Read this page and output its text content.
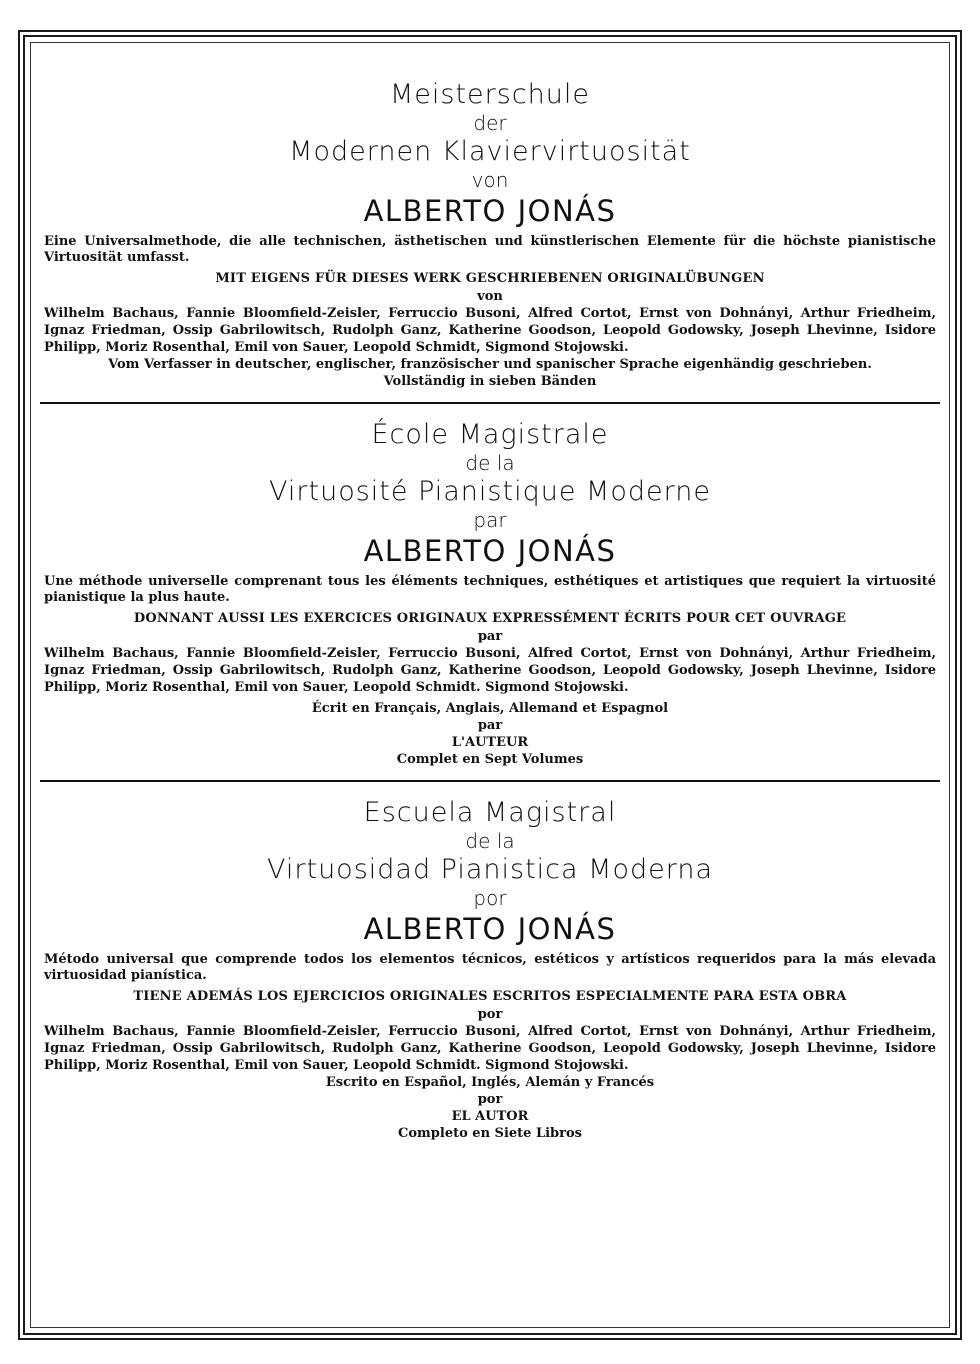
Meisterschule
der
Modernen Klaviervirtuosität
von
ALBERTO JONÁS
Eine Universalmethode, die alle technischen, ästhetischen und künstlerischen Elemente für die höchste pianistische Virtuosität umfasst.
MIT EIGENS FÜR DIESES WERK GESCHRIEBENEN ORIGINALÜBUNGEN
von
Wilhelm Bachaus, Fannie Bloomfield-Zeisler, Ferruccio Busoni, Alfred Cortot, Ernst von Dohnányi, Arthur Friedheim, Ignaz Friedman, Ossip Gabrilowitsch, Rudolph Ganz, Katherine Goodson, Leopold Godowsky, Joseph Lhevinne, Isidore Philipp, Moriz Rosenthal, Emil von Sauer, Leopold Schmidt, Sigmond Stojowski.
Vom Verfasser in deutscher, englischer, französischer und spanischer Sprache eigenhändig geschrieben.
Vollständig in sieben Bänden
École Magistrale
de la
Virtuosité Pianistique Moderne
par
ALBERTO JONÁS
Une méthode universelle comprenant tous les éléments techniques, esthétiques et artistiques que requiert la virtuosité pianistique la plus haute.
DONNANT AUSSI LES EXERCICES ORIGINAUX EXPRESSÉMENT ÉCRITS POUR CET OUVRAGE
par
Wilhelm Bachaus, Fannie Bloomfield-Zeisler, Ferruccio Busoni, Alfred Cortot, Ernst von Dohnányi, Arthur Friedheim, Ignaz Friedman, Ossip Gabrilowitsch, Rudolph Ganz, Katherine Goodson, Leopold Godowsky, Joseph Lhevinne, Isidore Philipp, Moriz Rosenthal, Emil von Sauer, Leopold Schmidt. Sigmond Stojowski.
Écrit en Français, Anglais, Allemand et Espagnol
par
L'AUTEUR
Complet en Sept Volumes
Escuela Magistral
de la
Virtuosidad Pianistica Moderna
por
ALBERTO JONÁS
Método universal que comprende todos los elementos técnicos, estéticos y artísticos requeridos para la más elevada virtuosidad pianística.
TIENE ADEMÁS LOS EJERCICIOS ORIGINALES ESCRITOS ESPECIALMENTE PARA ESTA OBRA
por
Wilhelm Bachaus, Fannie Bloomfield-Zeisler, Ferruccio Busoni, Alfred Cortot, Ernst von Dohnányi, Arthur Friedheim, Ignaz Friedman, Ossip Gabrilowitsch, Rudolph Ganz, Katherine Goodson, Leopold Godowsky, Joseph Lhevinne, Isidore Philipp, Moriz Rosenthal, Emil von Sauer, Leopold Schmidt. Sigmond Stojowski.
Escrito en Español, Inglés, Alemán y Francés
por
EL AUTOR
Completo en Siete Libros
